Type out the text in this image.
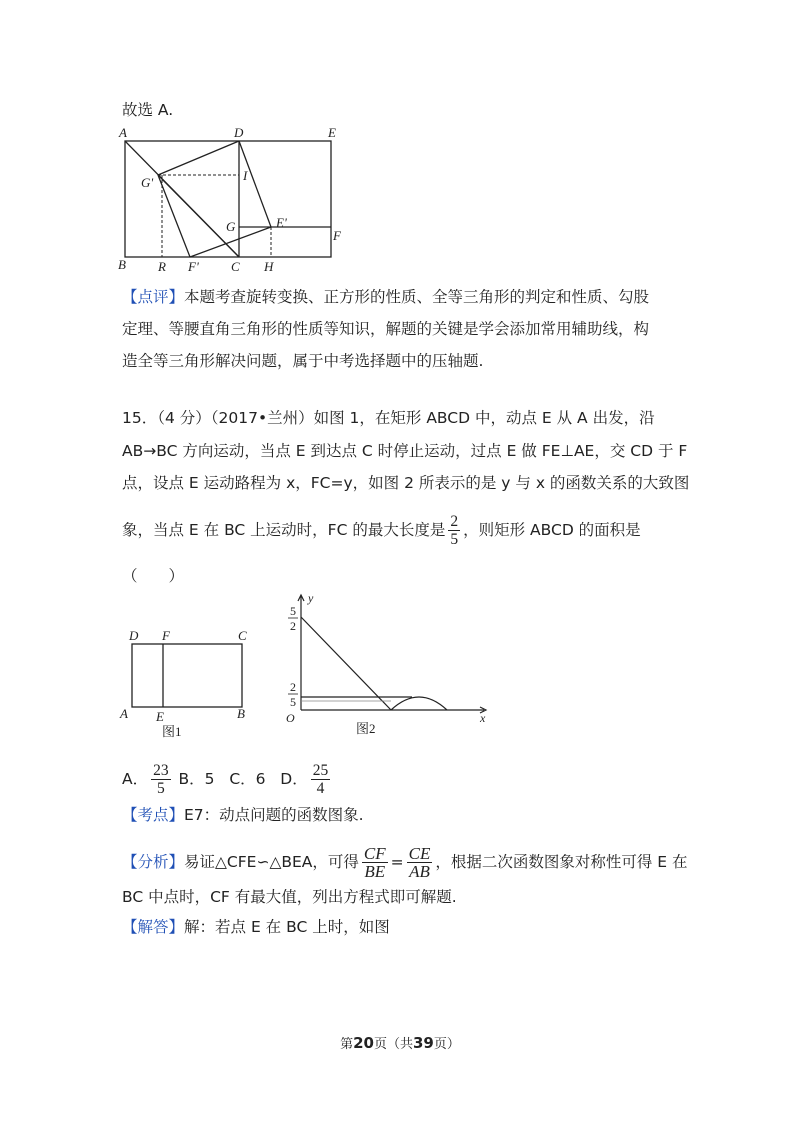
故选 A.
A	D	E
G'	I
G	E'
F
B R F' C H
【点评】本题考查旋转变换、正方形的性质、全等三角形的判定和性质、勾股
定理、等腰直角三角形的性质等知识，解题的关键是学会添加常用辅助线，构
造全等三角形解决问题，属于中考选择题中的压轴题.
15．（4 分）（2017•兰州）如图 1，在矩形 ABCD 中，动点 E 从 A 出发，沿
AB→BC 方向运动，当点 E 到达点 C 时停止运动，过点 E 做 FE⊥AE，交 CD 于 F
点，设点 E 运动路程为 x，FC=y，如图 2 所表示的是 y 与 x 的函数关系的大致图
象，当点 E 在 BC 上运动时，FC 的最大长度是 $\frac{2}{5}$ ，则矩形 ABCD 的面积是
（　　）
D F	C
A E	B
图1
y
x
O
5
2
2
5
图2
A． $\frac{23}{5}$ B．5 C．6 D． $\frac{25}{4}$
【考点】E7：动点问题的函数图象.
【分析】易证△CFE∽△BEA，可得 $\frac{CF}{BE} = \frac{CE}{AB}$ ，根据二次函数图象对称性可得 E 在
BC 中点时，CF 有最大值，列出方程式即可解题.
【解答】解：若点 E 在 BC 上时，如图
第20页（共39页）
